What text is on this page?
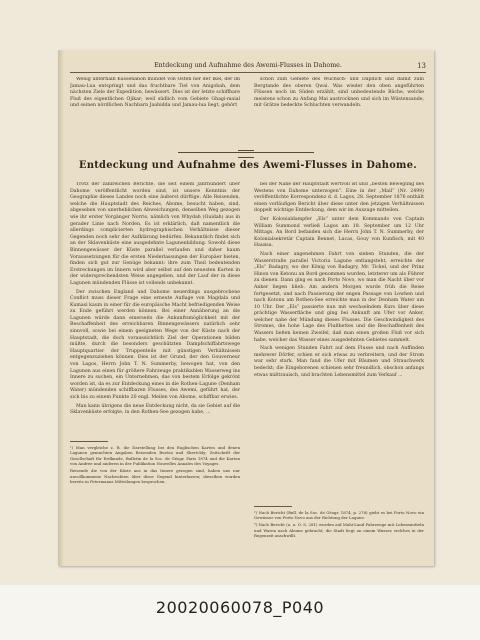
Entdeckung und Aufnahme des Awemi-Flusses in Dahome.	13

Wenig unterhalb Kussenahon mündet von Osten her der Ikel, der im Jamau-Lua entspringt und das fruchtbare Tiel von Anigobah, dem nächsten Ziele der Expedition, bewässert. Dies ist der letzte schiffbare Fluß des eigentlichen Ojikar; weil südlich vom Gebiete Ghagi-maial und seinen nördlichen Nachbarn Jaabidda und Jamau-lua liegt, gehört

schon zum Gebiete des Wuchsch- und Dapdich und damit zum Bergtande des oberen Qwai. Was wieder den oben angeführten Flüssen noch im Süden erzählt, sind unbedeutende Bäche, welche meistens schon zu Anfang Mai austrocknen und sich im Wüstensande, mit Grätze bedeckte Schluchten verwandeln.

Entdeckung und Aufnahme des Awemi-Flusses in Dahome.

Trotz der zahlreichen Berichte, die seit einem Jahrhundert über Dahome veröffentlicht worden sind, ist unsere Kenntnis der Geographie dieses Landes noch eine äußerst dürftige. Alle Reisenden, welche die Hauptstadt des Reiches, Abome, besucht haben, sind, abgesehen von unerheblichen Abweichungen, denselben Weg gezogen wie ihr erster Vorgänger Norris, nämlich von Whydah (Ouidah) aus in gerader Linie nach Norden. Es ist erklärlich, daß namentlich die allerdings complicierten hydrographischen Verhältnisse dieser Gegenden noch sehr der Aufklärung bedürfen. Bekanntlich findet sich an der Sklavenküste eine ausgedehnte Lagunenbildung. Sowohl diese Binnengewässer der Küste parallel verlaufen und daher kaum Voraussetzungen für die ersten Niederlassungen der Europäer bieten, finden sich gut zur Genüge bekannt: ihre zum Theil bedeutenden Erstreckungen im Innern wird aber selbst auf den neuesten Karten in der widersprechendsten Weise angegeben, und der Lauf der in diese Lagunen mündenden Flüsse ist vollends unbekannt.

Der zwischen England und Dahome neuerdings ausgebrochene Conflict muss dieser Frage eine erneute Auflage von Magdala und Kumasi kaum in einer für die europäische Macht befriedigenden Weise zu Ende geführt werden können. Bei einer Annäherung an die Lagunen würde dann einerseits die Ankunftsmöglichkeit mit der Beschaffenheit des erreichbaren Binnengewässers natürlich sehr sinnvoll, sowie bei einem geeigneten Wege von der Küste nach der Hauptstadt, die doch voraussichtlich Ziel der Operationen bilden müßte, durch die besonders geschützten Dampfschiffahrtswege Hauptquartier der Truppenteile mit günstigen Verhältnissen entgegenzuziehen können. Dies ist der Grund, der den Gouverneur von Lagos, Herrn John T. N. Summerby, bewogen hat, von den Lagunen aus einen für größere Fahrzeuge praktikablen Wasserweg ins Innere zu suchen, ein Unternehmen, das von bestem Erfolge gekrönt worden ist, da es zur Entdeckung eines in die Rothen-Lagune (Denham Water) mündenden schiffbaren Flusses, des Awemi, geführt hat, der sich bis zu einem Punkte 20 engl. Meilen von Abome, schiffbar erwies.

Man kann übrigens die neue Entdeckung nicht, da sie Gebiet auf die Sklavenküste erfolgte, in den Rothen-See gezogen habe, ...

bei der Nähe der Hauptstadt wertvoll ist und „besten Bewegung des Westens von Dahome unterzogen“. Eine in der „Mail“ (Nr. 2499) veröffentlichte Korrespondenz d. d. Lagos, 28. September 1876 enthält einen vorläufigen Bericht über diese unter den jetzigen Verhältnissen doppelt wichtige Entdeckung, dem wir im Auszuge mitteilen.

Der Kolonialdampfer „Els“ unter dem Kommando von Captain William Summond verließ Lagos am 18. September um 12 Uhr Mittags. An Bord befanden sich die Herrn John T. N. Summerby, der Kolonialsekretär Captain Bennet, Lucas, Gouy von Kunfisch, mit 40 Haussa.

Nach einer angenehmen Fahrt von sieben Stunden, die der Wasserstraße parallel Victoria Lagune entlangsteht, erreichte der „Els“ Badagry, wo der König von Badagry, Mr. Tickel, und der Prinz Hinon von Ketonu an Bord genommen wurden, letzterer um als Führer zu dienen. Dann ging es nach Porto Novo, wo man die Nacht über vor Anker liegen blieb. Am andern Morgen wurde früh die Reise fortgesetzt, und nach Passierung der engen Passage von Lowhen und nach Kotonu am Rothen-See erreichte man in der Denham Water um 10 Uhr. Der „Els“ passierte nun mit wechselndem Kurs über diese prächtige Wasserfläche und ging bei Ankunft am Ufer vor Anker, welcher nahe der Mündung dieses Flusses. Die Geschwindigkeit des Stromes, die hohe Lage des Flußbettes und die Beschaffenheit des Wassers ließen keinen Zweifel, daß man einen großen Fluß vor sich habe, welcher das Wasser eines ausgedehnten Gebietes sammelt.

Nach wenigen Stunden Fahrt auf dem Flusse und nach Auffinden mehrerer Dörfer, schien er sich etwas zu verbreitern, und der Strom war sehr stark. Man fand die Ufer mit Bäumen und Strauchwerk bedeckt; die Eingeborenen schienen sehr freundlich, obschon anfangs etwas mißtrauisch, und brachten Lebensmittel zum Verkauf ...

¹) Man vergleiche z. B. die Darstellung bei den Englischen Karten und denen Lagunen gemachten Angaben Reisenden Burton und Skertchly; Zeitschrift der Gesellschaft für Erdkunde, Bulletin de la Soc. de Géogr. Paris 1874 und die Karten von Andree und anderen in der Publikation Nouvelles Annales des Voyages.

Reisende die von der Küste aus in das Innere gezogen sind, haben uns nur unvollkommene Nachrichten über diese Gegend hinterlassen; dieselben wurden bereits in Petermanns Mitteilungen besprochen.

²) Nach Bericht (Bull. de la Soc. de Géogr. 1874, p. 278) giebt es bei Porto Novo ein Gewässer von Porto Novo aus der Richtung der Lagune.

³) Nach Bericht (a. a. O. S. 281) wurden auf Mahi-Land Fahrzeuge mit Lebensmitteln und Waren nach Abome gebracht; die Stadt liegt an einem Wasser, welches in der Regenzeit anschwillt.

20020060078_P040
